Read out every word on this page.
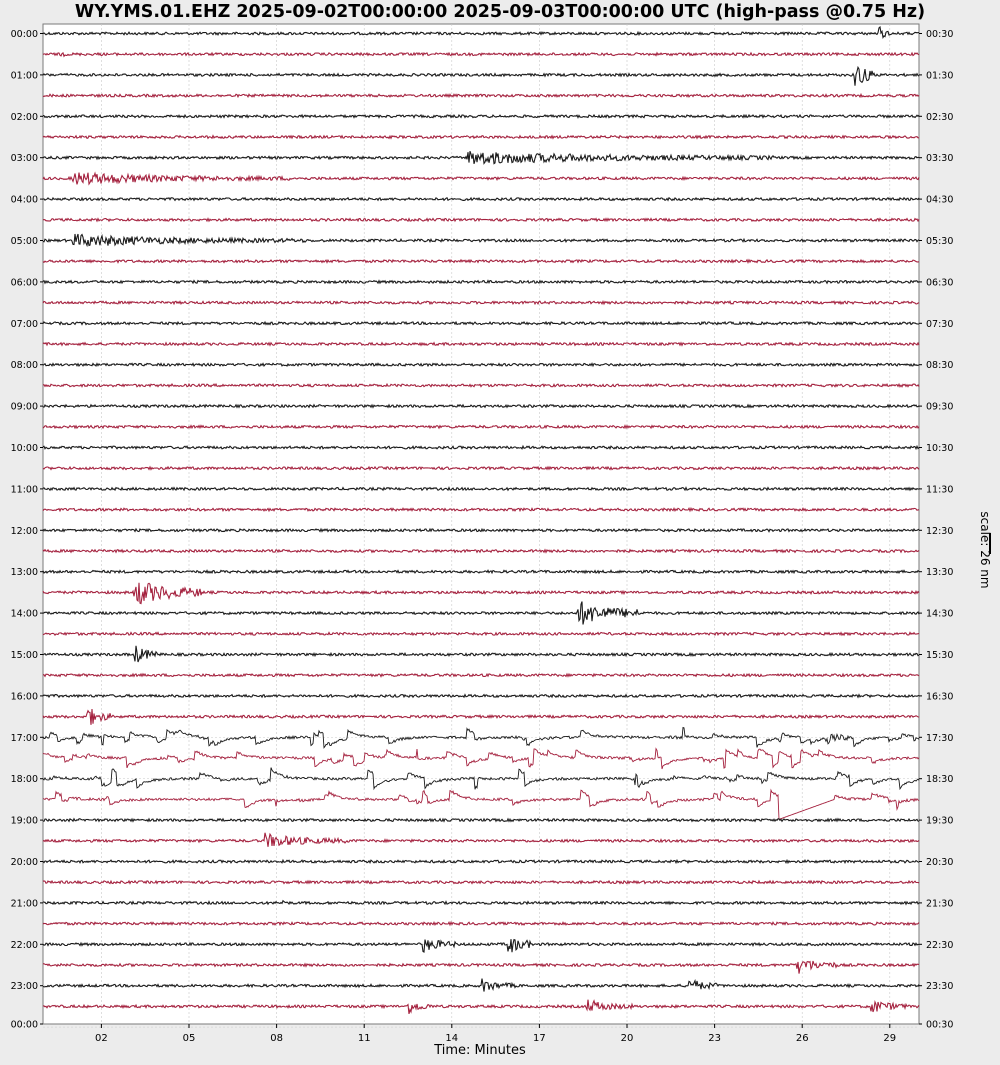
WY.YMS.01.EHZ 2025-09-02T00:00:00 2025-09-03T00:00:00 UTC (high-pass @0.75 Hz)
02	05	08	11	14	17	20	23	26	29
00:00
01:00
02:00
03:00
04:00
05:00
06:00
07:00
08:00
09:00
10:00
11:00
12:00
13:00
14:00
15:00
16:00
17:00
18:00
19:00
20:00
21:00
22:00
23:00
00:00
00:30
01:30
02:30
03:30
04:30
05:30
06:30
07:30
08:30
09:30
10:30
11:30
12:30
13:30
14:30
15:30
16:30
17:30
18:30
19:30
20:30
21:30
22:30
23:30
00:30
Time: Minutes
scale: 26 nm
